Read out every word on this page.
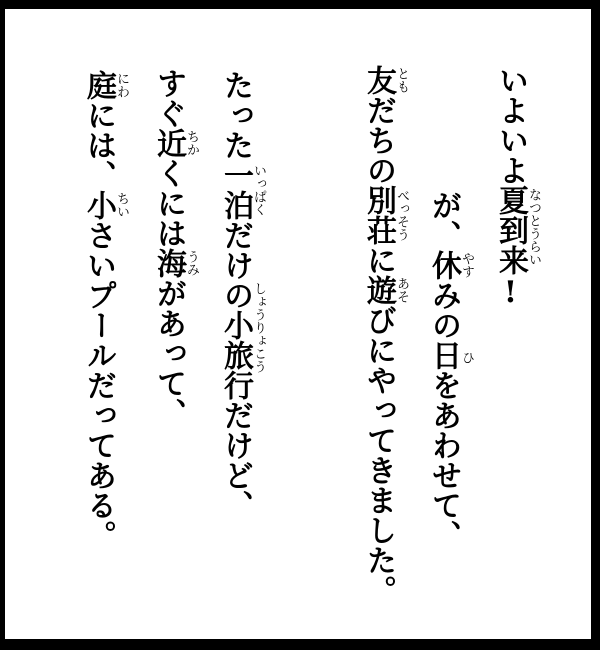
いよいよ夏到来!
なつとうらい
が、休みの日をあわせて、
やす
ひ
友だちの別荘に遊びにやってきました。
とも
べっそう
あそ
たった一泊だけの小旅行だけど、
いっぱく
しょうりょこう
すぐ近くには海があって、
ちか
うみ
庭には、小さいプールだってある。
にわ
ちい
